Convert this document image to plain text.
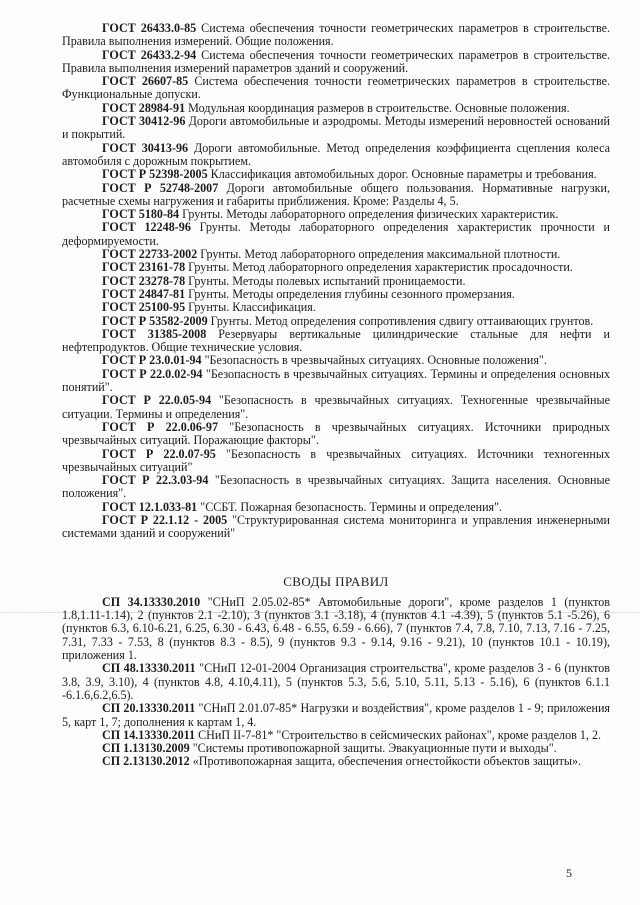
ГОСТ 26433.0-85 Система обеспечения точности геометрических параметров в строительстве. Правила выполнения измерений. Общие положения.

ГОСТ 26433.2-94 Система обеспечения точности геометрических параметров в строительстве. Правила выполнения измерений параметров зданий и сооружений.

ГОСТ 26607-85 Система обеспечения точности геометрических параметров в строительстве. Функциональные допуски.

ГОСТ 28984-91 Модульная координация размеров в строительстве. Основные положения.

ГОСТ 30412-96 Дороги автомобильные и аэродромы. Методы измерений неровностей оснований и покрытий.

ГОСТ 30413-96 Дороги автомобильные. Метод определения коэффициента сцепления колеса автомобиля с дорожным покрытием.

ГОСТ Р 52398-2005 Классификация автомобильных дорог. Основные параметры и требования.

ГОСТ Р 52748-2007 Дороги автомобильные общего пользования. Нормативные нагрузки, расчетные схемы нагружения и габариты приближения. Кроме: Разделы 4, 5.

ГОСТ 5180-84 Грунты. Методы лабораторного определения физических характеристик.

ГОСТ 12248-96 Грунты. Методы лабораторного определения характеристик прочности и деформируемости.

ГОСТ 22733-2002 Грунты. Метод лабораторного определения максимальной плотности.

ГОСТ 23161-78 Грунты. Метод лабораторного определения характеристик просадочности.

ГОСТ 23278-78 Грунты. Методы полевых испытаний проницаемости.

ГОСТ 24847-81 Грунты. Методы определения глубины сезонного промерзания.

ГОСТ 25100-95 Грунты. Классификация.

ГОСТ Р 53582-2009 Грунты. Метод определения сопротивления сдвигу оттаивающих грунтов.

ГОСТ 31385-2008 Резервуары вертикальные цилиндрические стальные для нефти и нефтепродуктов. Общие технические условия.

ГОСТ Р 23.0.01-94 "Безопасность в чрезвычайных ситуациях. Основные положения".

ГОСТ Р 22.0.02-94 "Безопасность в чрезвычайных ситуациях. Термины и определения основных понятий".

ГОСТ Р 22.0.05-94 "Безопасность в чрезвычайных ситуациях. Техногенные чрезвычайные ситуации. Термины и определения".

ГОСТ Р 22.0.06-97 "Безопасность в чрезвычайных ситуациях. Источники природных чрезвычайных ситуаций. Поражающие факторы".

ГОСТ Р 22.0.07-95 "Безопасность в чрезвычайных ситуациях. Источники техногенных чрезвычайных ситуаций"

ГОСТ Р 22.3.03-94 "Безопасность в чрезвычайных ситуациях. Защита населения. Основные положения".

ГОСТ 12.1.033-81 "ССБТ. Пожарная безопасность. Термины и определения".

ГОСТ Р 22.1.12 - 2005 "Структурированная система мониторинга и управления инженерными системами зданий и сооружений"

СВОДЫ ПРАВИЛ

СП 34.13330.2010 "СНиП 2.05.02-85* Автомобильные дороги", кроме разделов 1 (пунктов 1.8,1.11-1.14), 2 (пунктов 2.1 -2.10), 3 (пунктов 3.1 -3.18), 4 (пунктов 4.1 -4.39), 5 (пунктов 5.1 -5.26), 6 (пунктов 6.3, 6.10-6.21, 6.25, 6.30 - 6.43, 6.48 - 6.55, 6.59 - 6.66), 7 (пунктов 7.4, 7.8, 7.10, 7.13, 7.16 - 7.25, 7.31, 7.33 - 7.53, 8 (пунктов 8.3 - 8.5), 9 (пунктов 9.3 - 9.14, 9.16 - 9.21), 10 (пунктов 10.1 - 10.19), приложения 1.

СП 48.13330.2011 "СНиП 12-01-2004 Организация строительства", кроме разделов 3 - 6 (пунктов 3.8, 3.9, 3.10), 4 (пунктов 4.8, 4.10,4.11), 5 (пунктов 5.3, 5.6, 5.10, 5.11, 5.13 - 5.16), 6 (пунктов 6.1.1 -6.1.6,6.2,6.5).

СП 20.13330.2011 "СНиП 2.01.07-85* Нагрузки и воздействия", кроме разделов 1 - 9; приложения 5, карт 1, 7; дополнения к картам 1, 4.

СП 14.13330.2011 СНиП II-7-81* "Строительство в сейсмических районах", кроме разделов 1, 2.

СП 1.13130.2009 "Системы противопожарной защиты. Эвакуационные пути и выходы".

СП 2.13130.2012 «Противопожарная защита, обеспечения огнестойкости объектов защиты».

5
